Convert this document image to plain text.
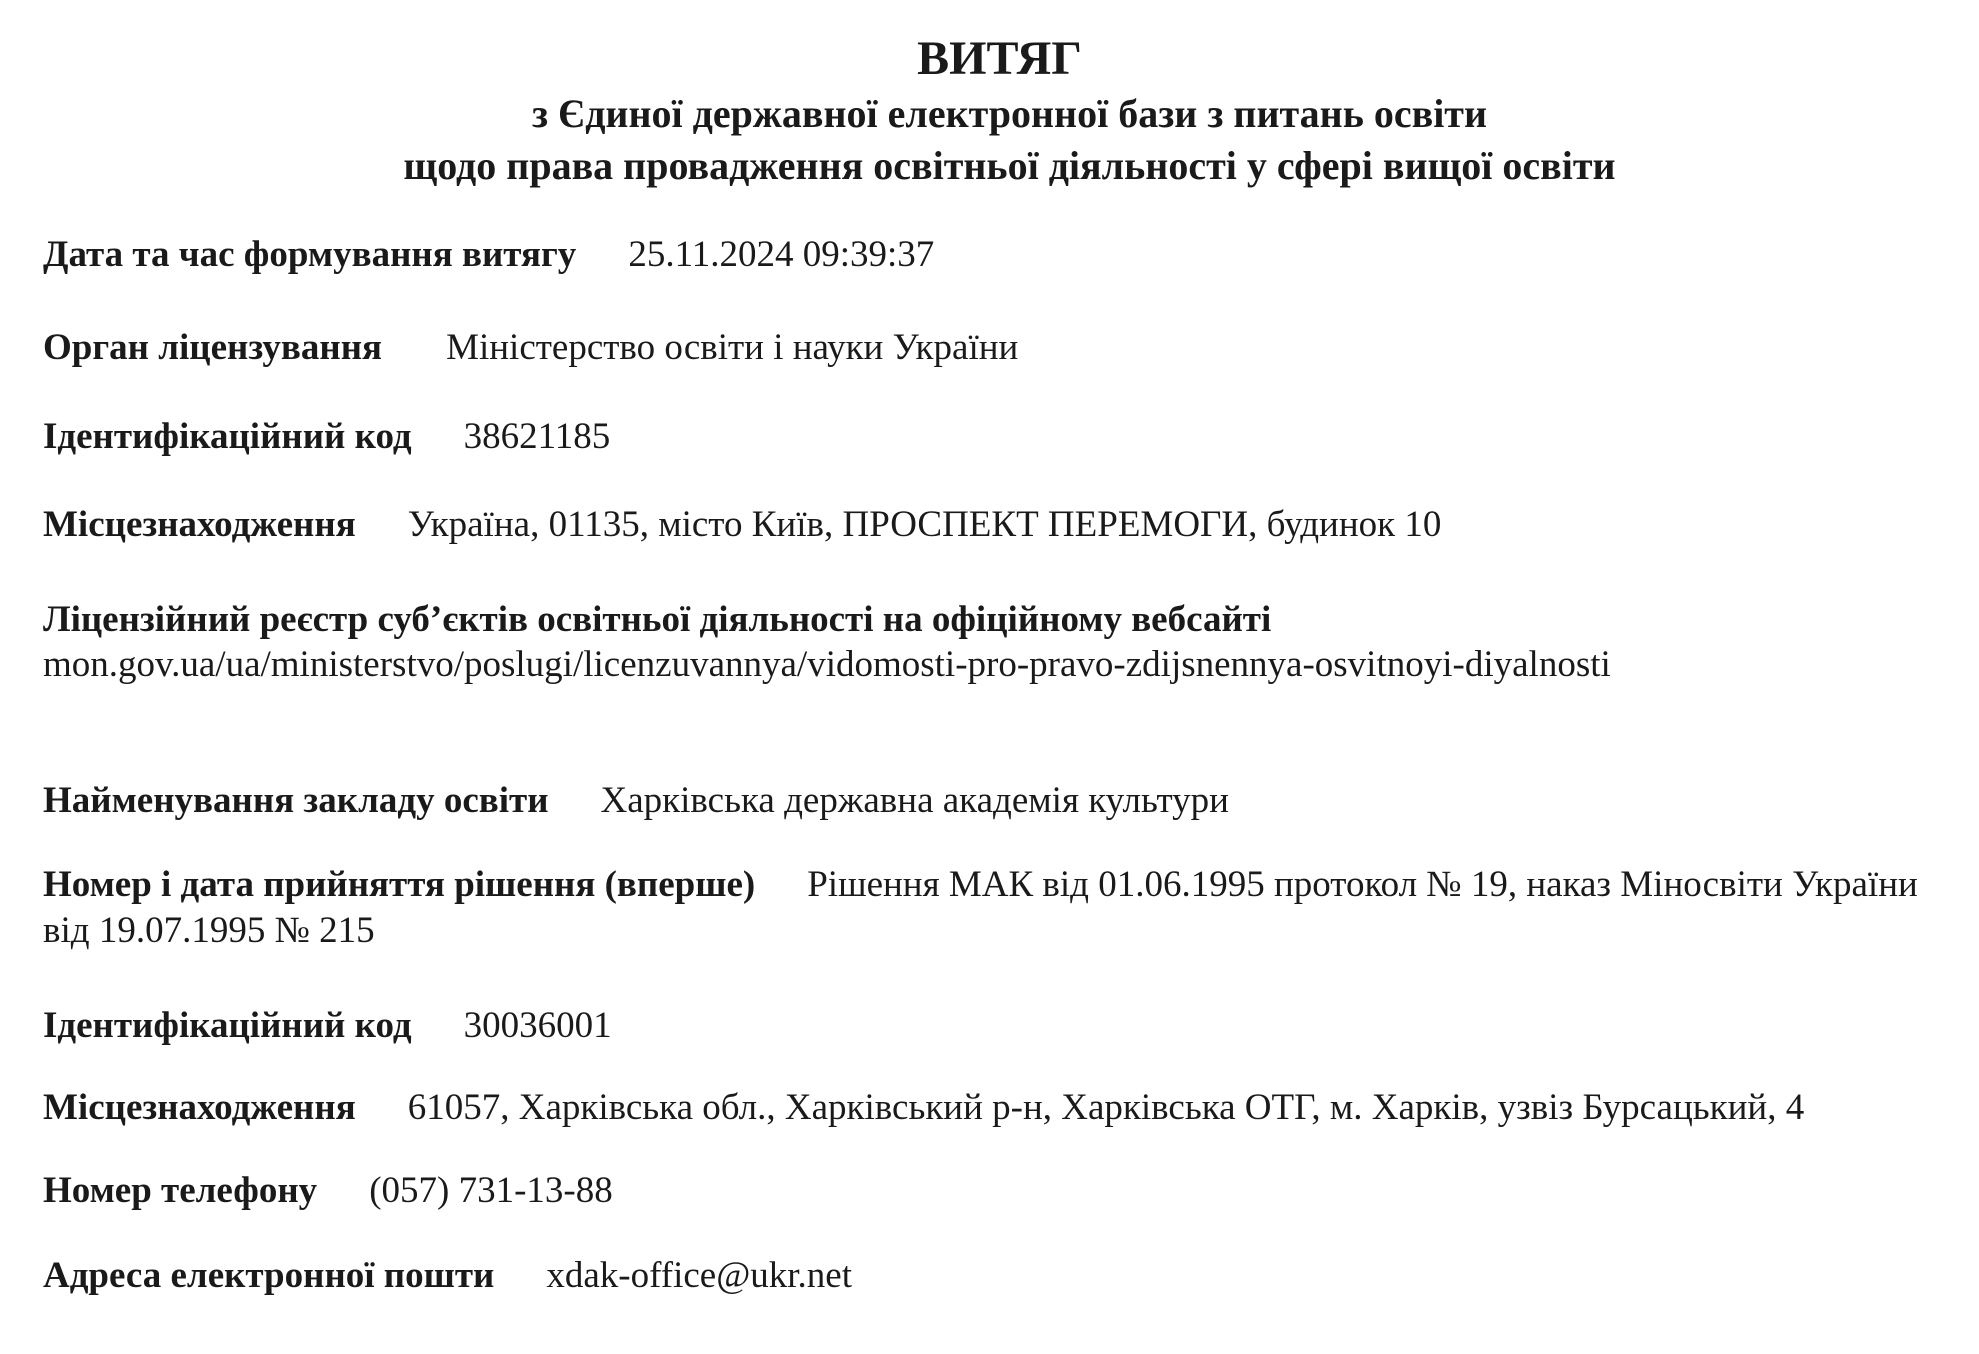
ВИТЯГ
з Єдиної державної електронної бази з питань освіти
щодо права провадження освітньої діяльності у сфері вищої освіти
Дата та час формування витягу 25.11.2024 09:39:37
Орган ліцензування Міністерство освіти і науки України
Ідентифікаційний код 38621185
Місцезнаходження Україна, 01135, місто Київ, ПРОСПЕКТ ПЕРЕМОГИ, будинок 10
Ліцензійний реєстр суб’єктів освітньої діяльності на офіційному вебсайті
mon.gov.ua/ua/ministerstvo/poslugi/licenzuvannya/vidomosti-pro-pravo-zdijsnennya-osvitnoyi-diyalnosti
Найменування закладу освіти Харківська державна академія культури
Номер і дата прийняття рішення (вперше) Рішення МАК від 01.06.1995 протокол № 19, наказ Міносвіти України від 19.07.1995 № 215
Ідентифікаційний код 30036001
Місцезнаходження 61057, Харківська обл., Харківський р-н, Харківська ОТГ, м. Харків, узвіз Бурсацький, 4
Номер телефону (057) 731-13-88
Адреса електронної пошти xdak-office@ukr.net
